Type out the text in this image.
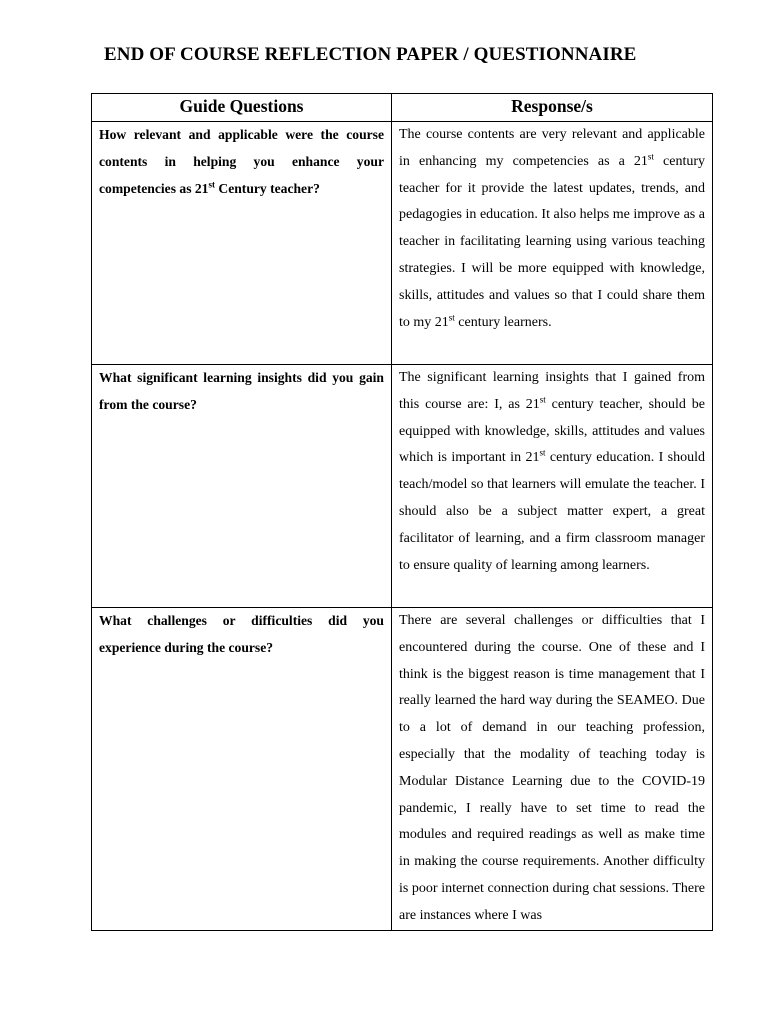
END OF COURSE REFLECTION PAPER / QUESTIONNAIRE
Guide Questions	Response/s
How relevant and applicable were the course contents in helping you enhance your competencies as 21st Century teacher?	The course contents are very relevant and applicable in enhancing my competencies as a 21st century teacher for it provide the latest updates, trends, and pedagogies in education. It also helps me improve as a teacher in facilitating learning using various teaching strategies. I will be more equipped with knowledge, skills, attitudes and values so that I could share them to my 21st century learners.
What significant learning insights did you gain from the course?	The significant learning insights that I gained from this course are: I, as 21st century teacher, should be equipped with knowledge, skills, attitudes and values which is important in 21st century education. I should teach/model so that learners will emulate the teacher. I should also be a subject matter expert, a great facilitator of learning, and a firm classroom manager to ensure quality of learning among learners.
What challenges or difficulties did you experience during the course?	There are several challenges or difficulties that I encountered during the course. One of these and I think is the biggest reason is time management that I really learned the hard way during the SEAMEO. Due to a lot of demand in our teaching profession, especially that the modality of teaching today is Modular Distance Learning due to the COVID-19 pandemic, I really have to set time to read the modules and required readings as well as make time in making the course requirements. Another difficulty is poor internet connection during chat sessions. There are instances where I was
